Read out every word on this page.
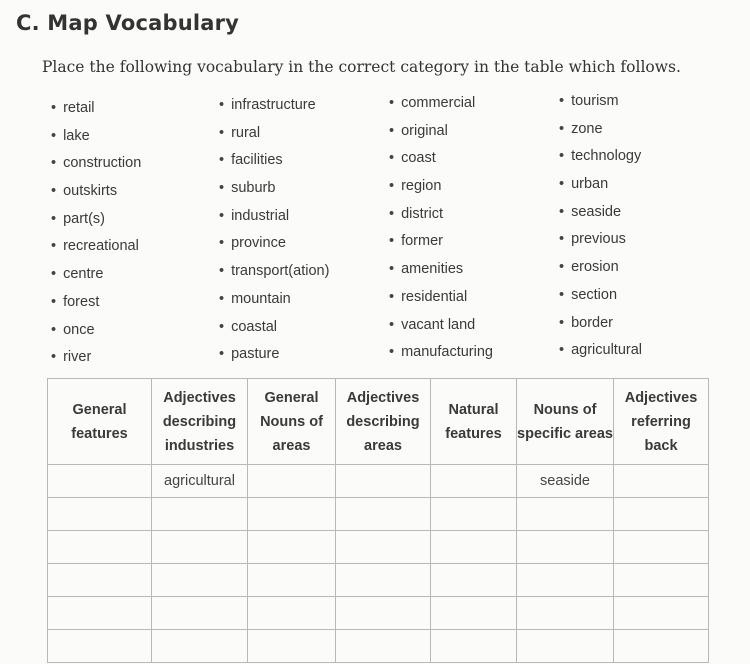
C. Map Vocabulary
Place the following vocabulary in the correct category in the table which follows.
• retail
• lake
• construction
• outskirts
• part(s)
• recreational
• centre
• forest
• once
• river
• infrastructure
• rural
• facilities
• suburb
• industrial
• province
• transport(ation)
• mountain
• coastal
• pasture
• commercial
• original
• coast
• region
• district
• former
• amenities
• residential
• vacant land
• manufacturing
• tourism
• zone
• technology
• urban
• seaside
• previous
• erosion
• section
• border
• agricultural
General features	Adjectives describing industries	General Nouns of areas	Adjectives describing areas	Natural features	Nouns of specific areas	Adjectives referring back
	agricultural				seaside	
